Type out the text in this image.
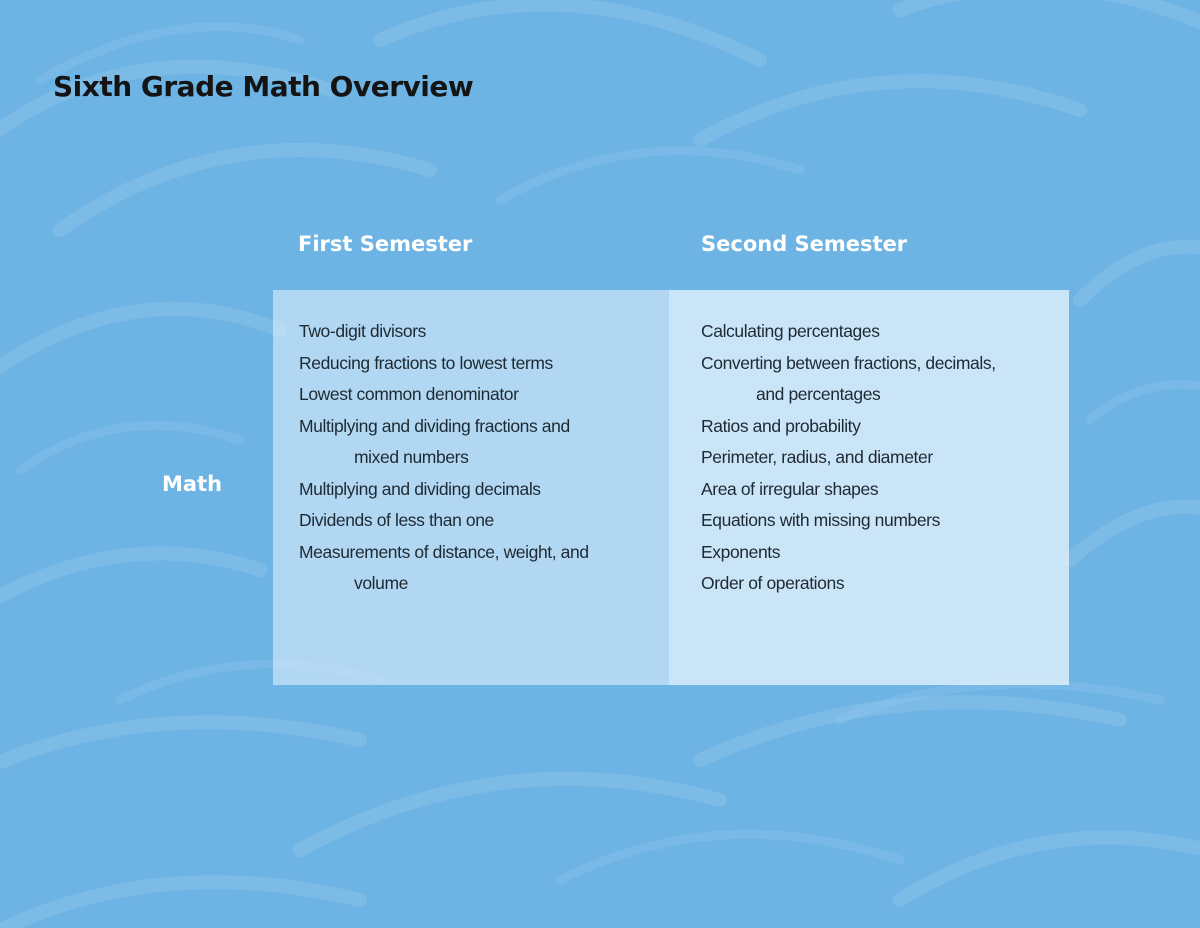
Sixth Grade Math Overview
First Semester	Second Semester
Math
Two-digit divisors
Reducing fractions to lowest terms
Lowest common denominator
Multiplying and dividing fractions and
mixed numbers
Multiplying and dividing decimals
Dividends of less than one
Measurements of distance, weight, and
volume
Calculating percentages
Converting between fractions, decimals,
and percentages
Ratios and probability
Perimeter, radius, and diameter
Area of irregular shapes
Equations with missing numbers
Exponents
Order of operations
